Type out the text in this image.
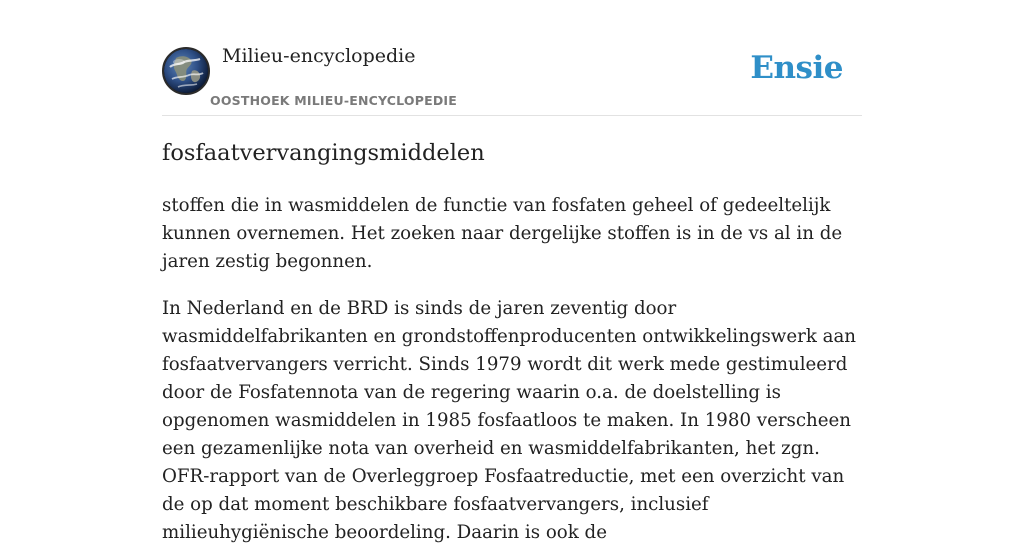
Milieu-encyclopedie
OOSTHOEK MILIEU-ENCYCLOPEDIE
Ensie
fosfaatvervangingsmiddelen

stoffen die in wasmiddelen de functie van fosfaten geheel of gedeeltelijk kunnen overnemen. Het zoeken naar dergelijke stoffen is in de vs al in de jaren zestig begonnen.

In Nederland en de BRD is sinds de jaren zeventig door wasmiddelfabrikanten en grondstoffenproducenten ontwikkelingswerk aan fosfaatvervangers verricht. Sinds 1979 wordt dit werk mede gestimuleerd door de Fosfatennota van de regering waarin o.a. de doelstelling is opgenomen wasmiddelen in 1985 fosfaatloos te maken. In 1980 verscheen een gezamenlijke nota van overheid en wasmiddelfabrikanten, het zgn. OFR-rapport van de Overleggroep Fosfaatreductie, met een overzicht van de op dat moment beschikbare fosfaatvervangers, inclusief milieuhygiënische beoordeling. Daarin is ook de
